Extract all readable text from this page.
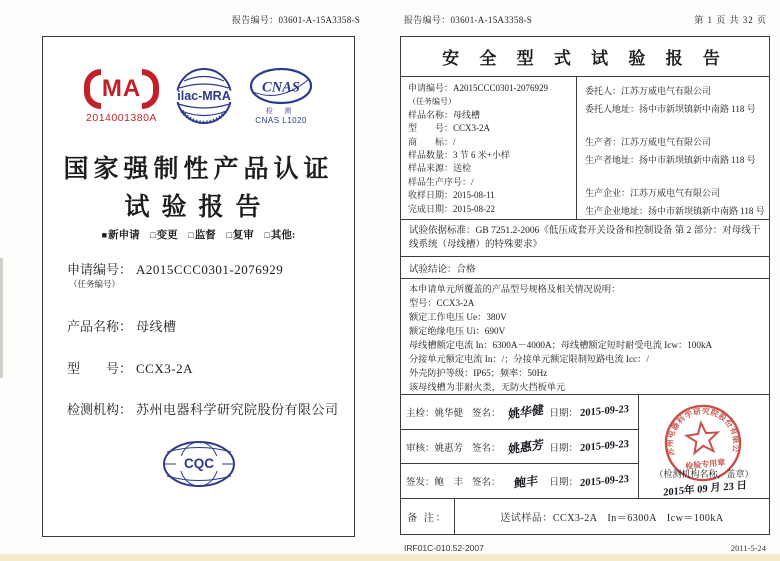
报告编号：03601-A-15A3358-S
MA
2014001380A
ilac-MRA
CNAS
检 测
CNAS L1020
国家强制性产品认证
试验报告
■新申请 □变更 □监督 □复审 □其他:
申请编号： A2015CCC0301-2076929
（任务编号）
产品名称： 母线槽
型　　号： CCX3-2A
检测机构： 苏州电器科学研究院股份有限公司
CQC
报告编号：03601-A-15A3358-S	第 1 页 共 32 页
安 全 型 式 试 验 报 告
申请编号：A2015CCC0301-2076929
（任务编号）
样品名称：母线槽
型　　号：CCX3-2A
商　　标：/
样品数量：3 节 6 米+小样
样品来源：送检
样品生产序号：/
收样日期：2015-08-11
完成日期：2015-08-22
委托人：江苏万威电气有限公司
委托人地址：扬中市新坝镇新中南路 118 号
生产者：江苏万威电气有限公司
生产者地址：扬中市新坝镇新中南路 118 号
生产企业：江苏万威电气有限公司
生产企业地址：扬中市新坝镇新中南路 118 号
试验依据标准：GB 7251.2-2006《低压成套开关设备和控制设备 第 2 部分：对母线干线系统（母线槽）的特殊要求》
试验结论：合格
本申请单元所覆盖的产品型号规格及相关情况说明：
型号：CCX3-2A
额定工作电压 Ue：380V
额定绝缘电压 Ui：690V
母线槽额定电流 In：6300A－4000A；母线槽额定短时耐受电流 Icw：100kA
分接单元额定电流 In：/；分接单元额定限制短路电流 Icc：/
外壳防护等级：IP65；频率：50Hz
该母线槽为非耐火类，无防火挡板单元
主检：姚华健 签名： 姚华健 日期： 2015-09-23
审核：姚惠芳 签名： 姚惠芳 日期： 2015-09-23
签发：鲍　丰 签名：	鲍丰	日期： 2015-09-23
苏州电器科学研究院股份有限公司
检验专用章
（检测机构名称，盖章）
2015年 09 月 23 日
备 注：	送试样品：CCX3-2A　In＝6300A　Icw＝100kA
IRF01C-010.52-2007	2011-5-24
